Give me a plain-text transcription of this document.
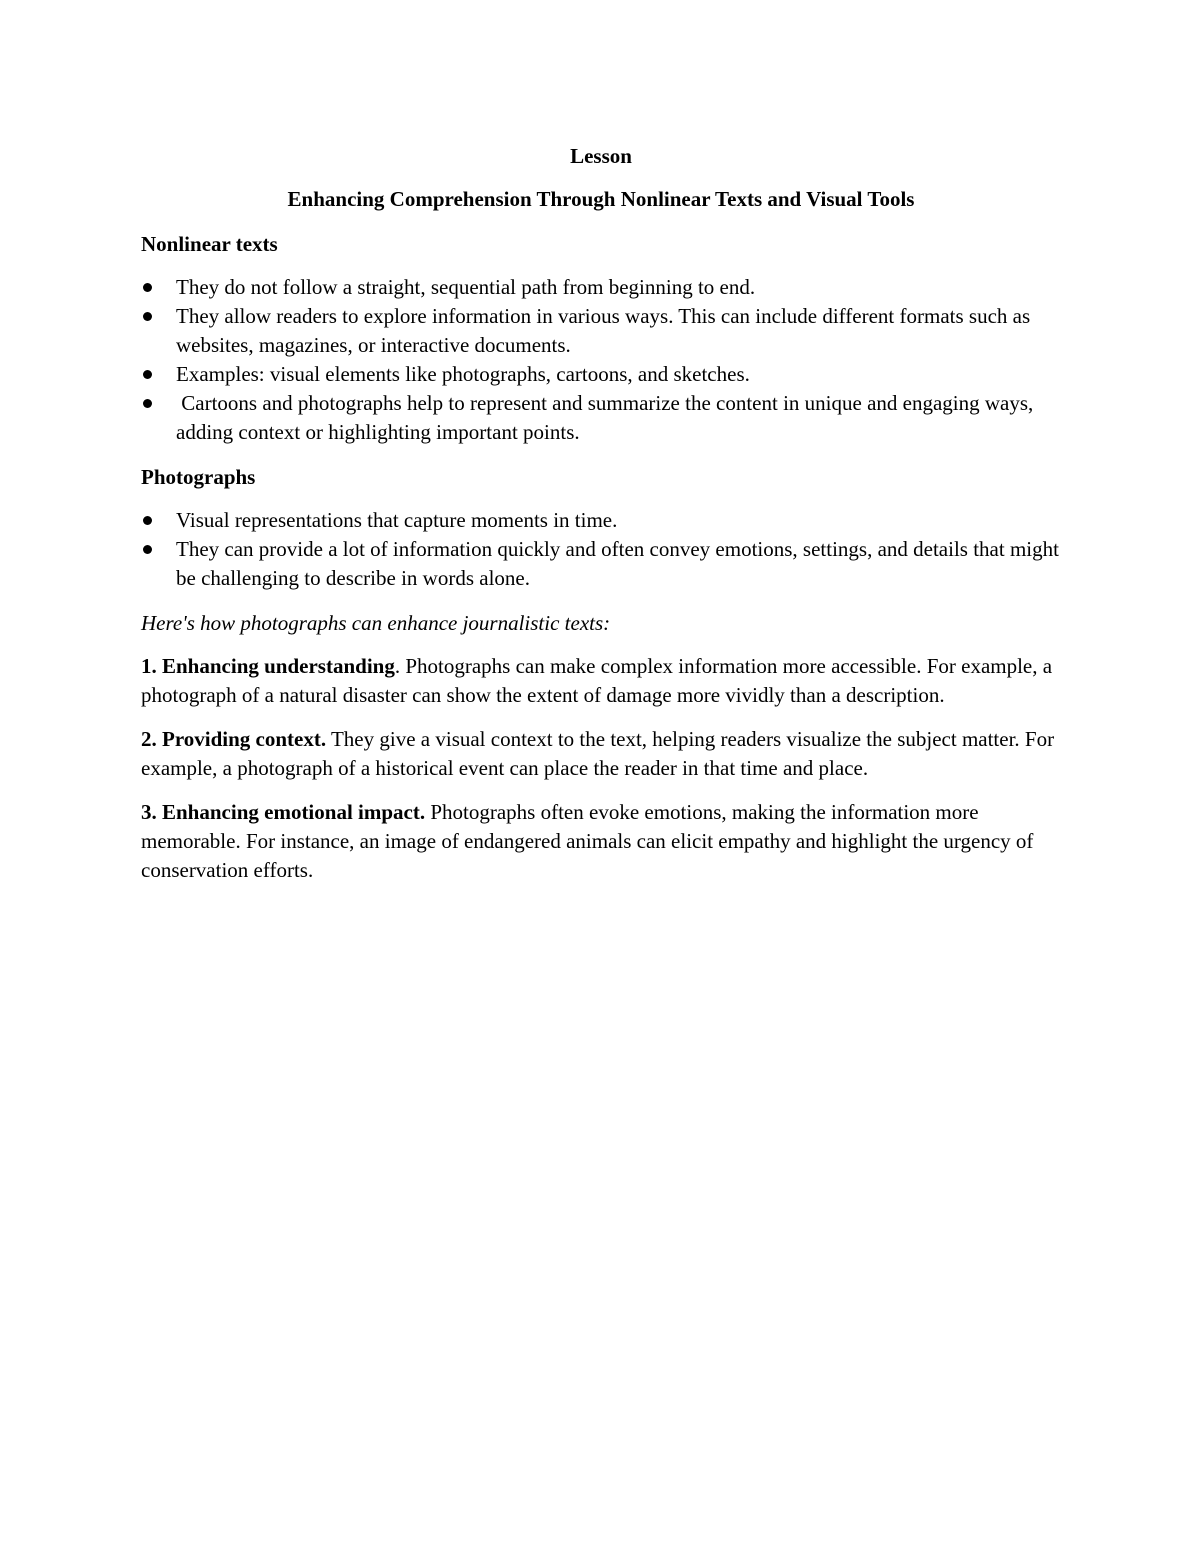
Lesson
Enhancing Comprehension Through Nonlinear Texts and Visual Tools
Nonlinear texts
They do not follow a straight, sequential path from beginning to end.
They allow readers to explore information in various ways. This can include different formats such as websites, magazines, or interactive documents.
Examples: visual elements like photographs, cartoons, and sketches.
Cartoons and photographs help to represent and summarize the content in unique and engaging ways, adding context or highlighting important points.
Photographs
Visual representations that capture moments in time.
They can provide a lot of information quickly and often convey emotions, settings, and details that might be challenging to describe in words alone.
Here's how photographs can enhance journalistic texts:

1. Enhancing understanding. Photographs can make complex information more accessible. For example, a photograph of a natural disaster can show the extent of damage more vividly than a description.

2. Providing context. They give a visual context to the text, helping readers visualize the subject matter. For example, a photograph of a historical event can place the reader in that time and place.

3. Enhancing emotional impact. Photographs often evoke emotions, making the information more memorable. For instance, an image of endangered animals can elicit empathy and highlight the urgency of conservation efforts.
